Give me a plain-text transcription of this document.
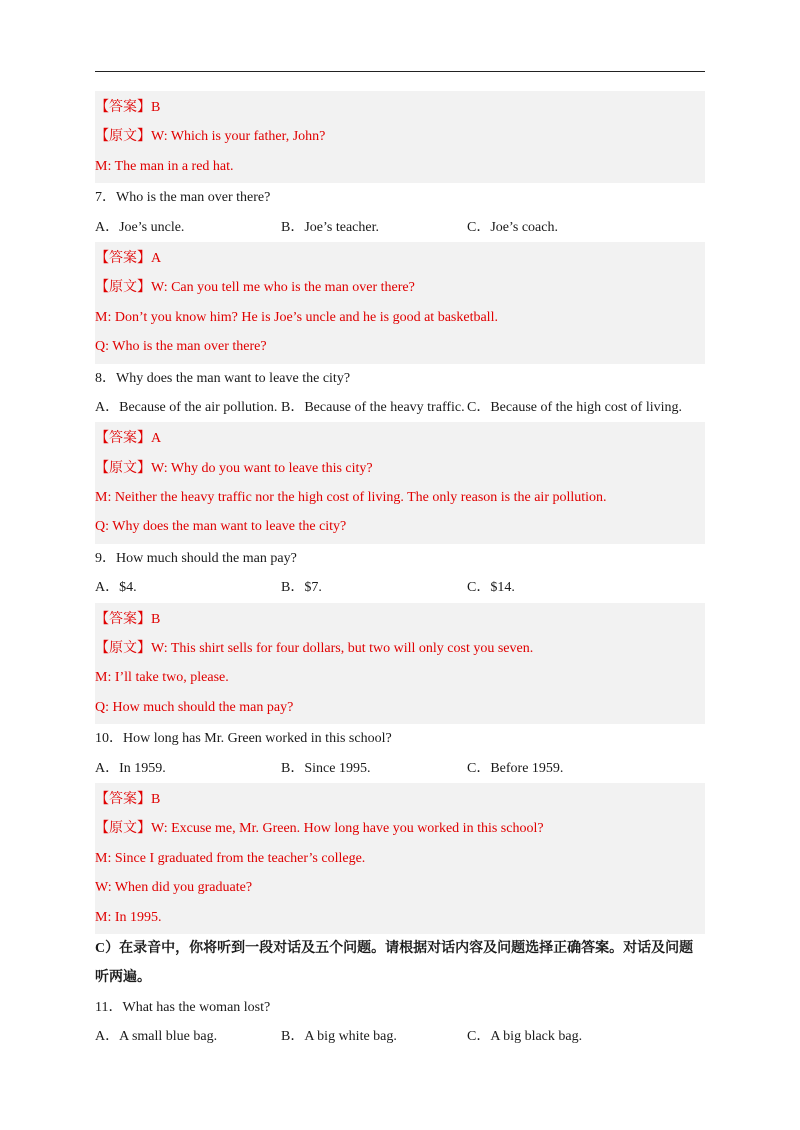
【答案】B
【原文】W: Which is your father, John?
M: The man in a red hat.
7．Who is the man over there?
A．Joe’s uncle.	B．Joe’s teacher.	C．Joe’s coach.
【答案】A
【原文】W: Can you tell me who is the man over there?
M: Don’t you know him? He is Joe’s uncle and he is good at basketball.
Q: Who is the man over there?
8．Why does the man want to leave the city?
A．Because of the air pollution. B．Because of the heavy traffic. C．Because of the high cost of living.
【答案】A
【原文】W: Why do you want to leave this city?
M: Neither the heavy traffic nor the high cost of living. The only reason is the air pollution.
Q: Why does the man want to leave the city?
9．How much should the man pay?
A．$4.	B．$7.	C．$14.
【答案】B
【原文】W: This shirt sells for four dollars, but two will only cost you seven.
M: I’ll take two, please.
Q: How much should the man pay?
10．How long has Mr. Green worked in this school?
A．In 1959.	B．Since 1995.	C．Before 1959.
【答案】B
【原文】W: Excuse me, Mr. Green. How long have you worked in this school?
M: Since I graduated from the teacher’s college.
W: When did you graduate?
M: In 1995.
C）在录音中，你将听到一段对话及五个问题。请根据对话内容及问题选择正确答案。对话及问题听两遍。
11．What has the woman lost?
A．A small blue bag.	B．A big white bag.	C．A big black bag.
